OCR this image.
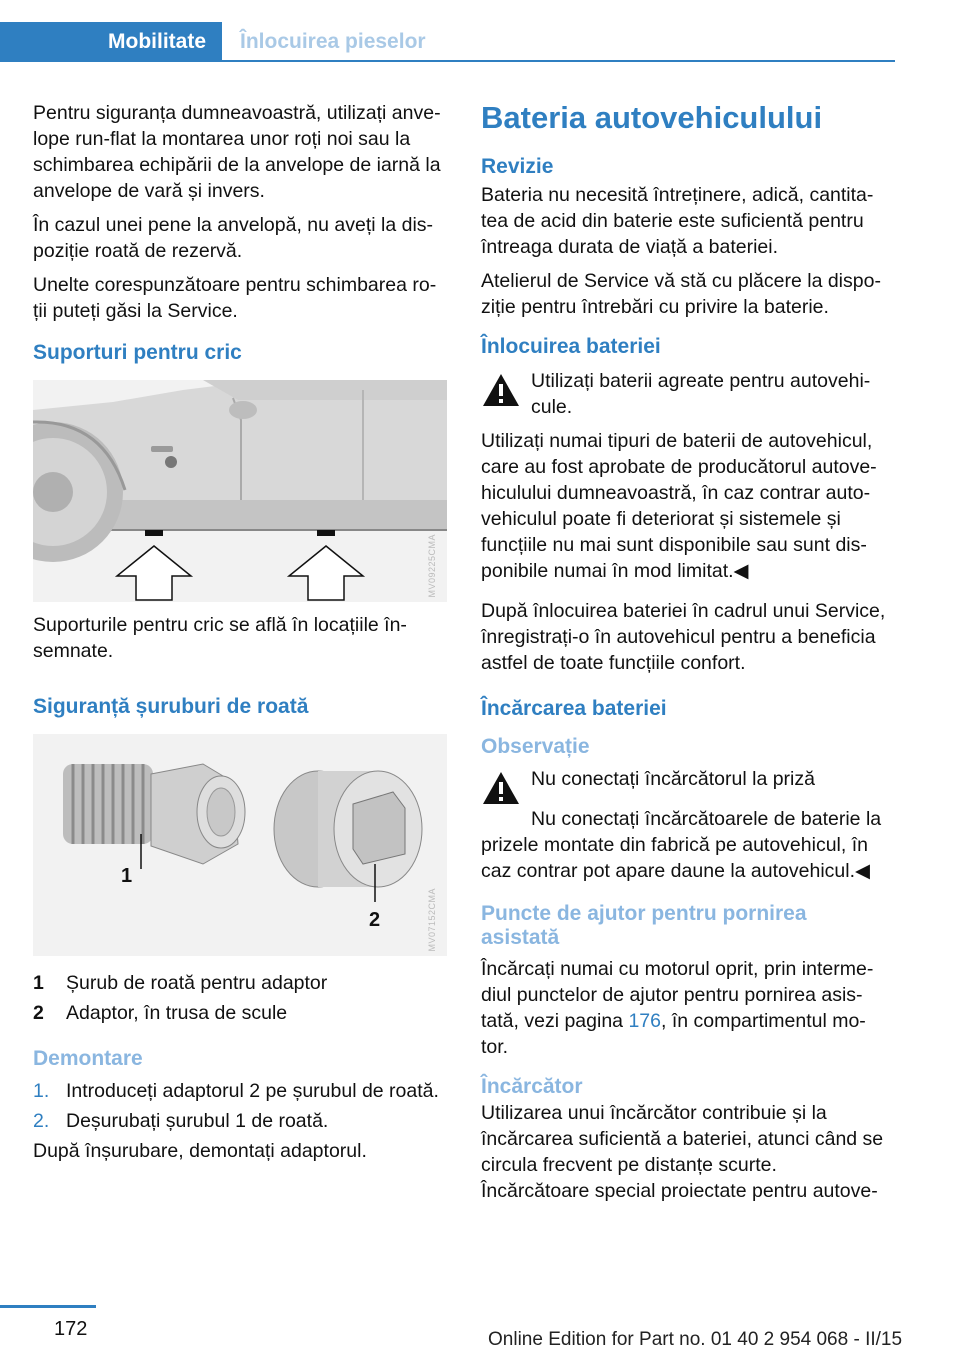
Mobilitate	Înlocuirea pieselor

Pentru siguranța dumneavoastră, utilizați anve‐lope run-flat la montarea unor roți noi sau la schimbarea echipării de la anvelope de iarnă la anvelope de vară și invers.

În cazul unei pene la anvelopă, nu aveți la dis‐poziție roată de rezervă.

Unelte corespunzătoare pentru schimbarea ro‐ții puteți găsi la Service.

Suporturi pentru cric
MV09225CMA

Suporturile pentru cric se află în locațiile în‐semnate.

Siguranță șuruburi de roată
1
2	MV07152CMA
1	Șurub de roată pentru adaptor
2	Adaptor, în trusa de scule
Demontare
1. Introduceți adaptorul 2 pe șurubul de roată.
2. Deșurubați șurubul 1 de roată.

După înșurubare, demontați adaptorul.

Bateria autovehiculului
Revizie

Bateria nu necesită întreținere, adică, cantita‐tea de acid din baterie este suficientă pentru întreaga durata de viață a bateriei.

Atelierul de Service vă stă cu plăcere la dispo‐ziție pentru întrebări cu privire la baterie.

Înlocuirea bateriei

Utilizați baterii agreate pentru autovehi‐cule.

Utilizați numai tipuri de baterii de autovehicul, care au fost aprobate de producătorul autove‐hiculului dumneavoastră, în caz contrar auto‐vehiculul poate fi deteriorat și sistemele și funcțiile nu mai sunt disponibile sau sunt dis‐ponibile numai în mod limitat.◀

După înlocuirea bateriei în cadrul unui Service, înregistrați-o în autovehicul pentru a beneficia astfel de toate funcțiile confort.

Încărcarea bateriei
Observație

Nu conectați încărcătorul la priză

Nu conectați încărcătoarele de baterie la prizele montate din fabrică pe autovehicul, în caz contrar pot apare daune la autovehicul.◀

Puncte de ajutor pentru pornirea asistată

Încărcați numai cu motorul oprit, prin interme‐diul punctelor de ajutor pentru pornirea asis‐tată, vezi pagina 176, în compartimentul mo‐tor.

Încărcător

Utilizarea unui încărcător contribuie și la încărcarea suficientă a bateriei, atunci când se circula frecvent pe distanțe scurte.

Încărcătoare special proiectate pentru autove‐

172	Online Edition for Part no. 01 40 2 954 068 - II/15
